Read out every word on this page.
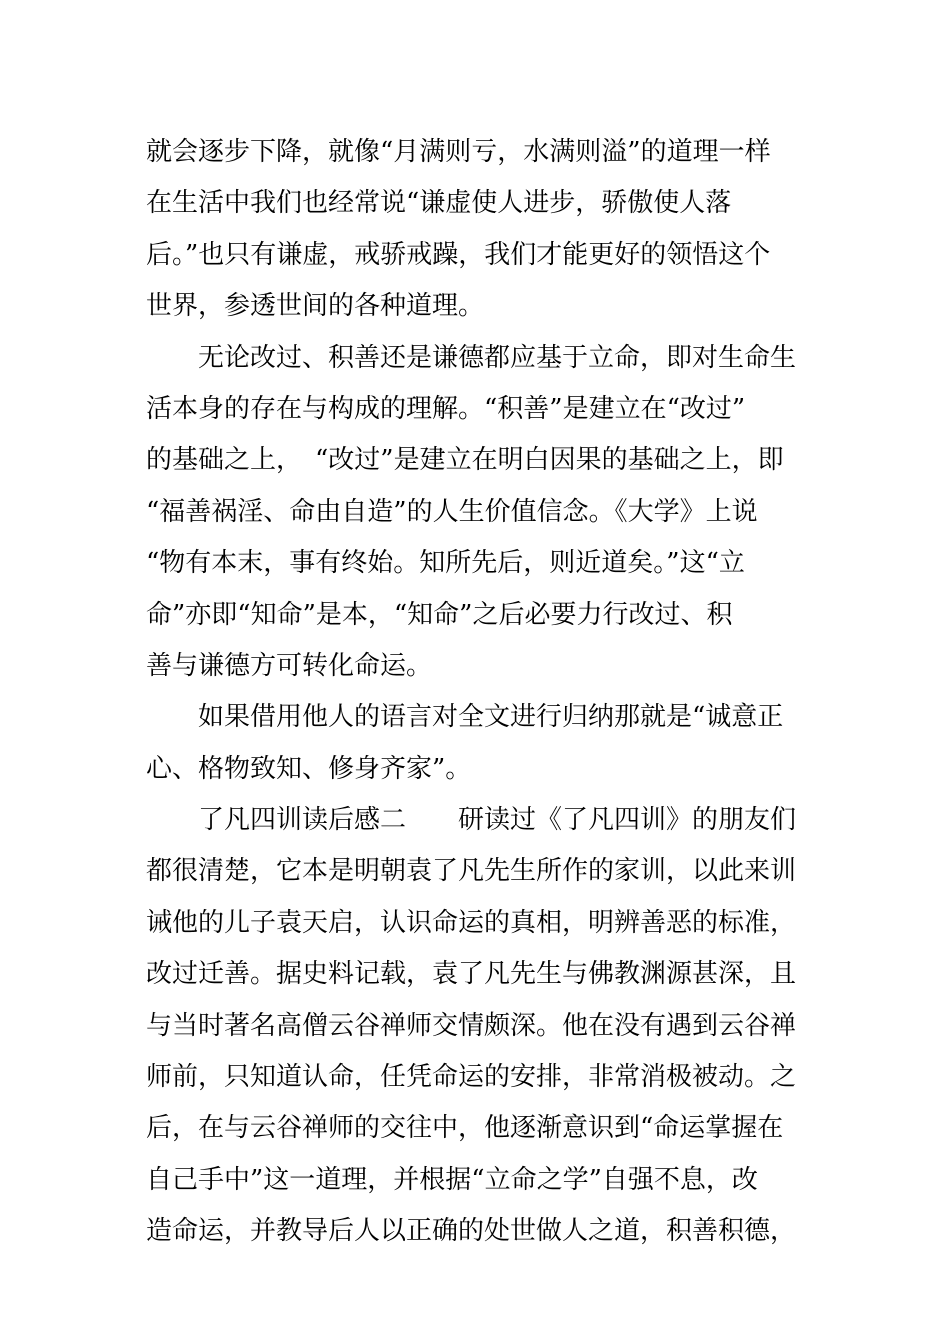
就会逐步下降，就像“月满则亏，水满则溢”的道理一样
在生活中我们也经常说“谦虚使人进步，骄傲使人落
后。”也只有谦虚，戒骄戒躁，我们才能更好的领悟这个
世界，参透世间的各种道理。
　　无论改过、积善还是谦德都应基于立命，即对生命生
活本身的存在与构成的理解。“积善”是建立在“改过”
的基础之上，　“改过”是建立在明白因果的基础之上，即
“福善祸淫、命由自造”的人生价值信念。《大学》上说
“物有本末，事有终始。知所先后，则近道矣。”这“立
命”亦即“知命”是本，“知命”之后必要力行改过、积
善与谦德方可转化命运。
　　如果借用他人的语言对全文进行归纳那就是“诚意正
心、格物致知、修身齐家”。
　　了凡四训读后感二　　研读过《了凡四训》的朋友们
都很清楚，它本是明朝袁了凡先生所作的家训，以此来训
诫他的儿子袁天启，认识命运的真相，明辨善恶的标准，
改过迁善。据史料记载，袁了凡先生与佛教渊源甚深，且
与当时著名高僧云谷禅师交情颇深。他在没有遇到云谷禅
师前，只知道认命，任凭命运的安排，非常消极被动。之
后，在与云谷禅师的交往中，他逐渐意识到“命运掌握在
自己手中”这一道理，并根据“立命之学”自强不息，改
造命运，并教导后人以正确的处世做人之道，积善积德，
